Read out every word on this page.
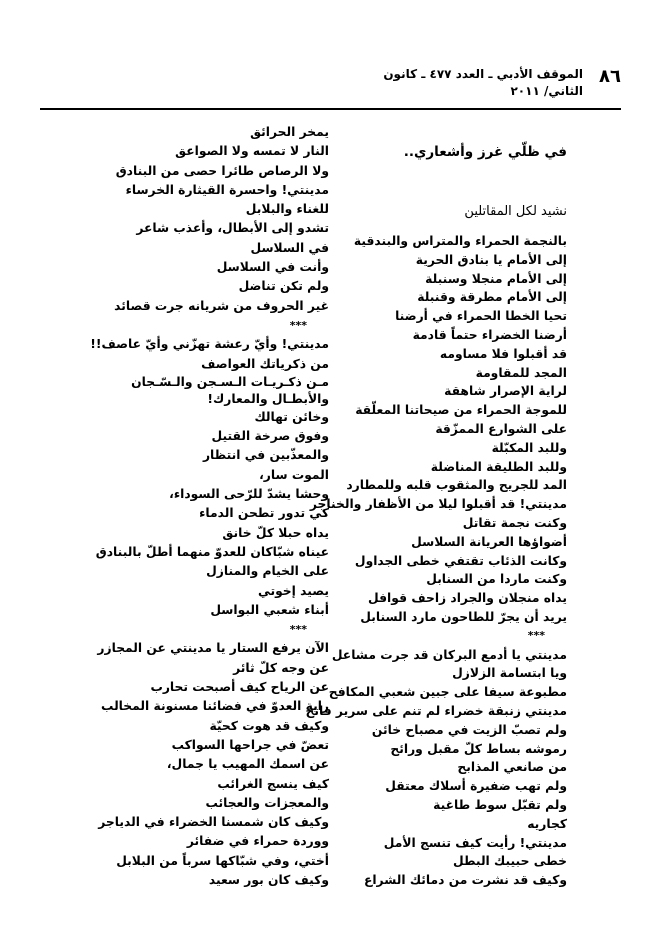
٨٦
الموقف الأدبي ـ العدد ٤٧٧ ـ كانون الثاني/ ٢٠١١
في ظلّي غرز وأشعاري..
نشيد لكل المقاتلين
بالنجمة الحمراء والمتراس والبندقية
إلى الأمام يا بنادق الحرية
إلى الأمام منجلا وسنبلة
إلى الأمام مطرقة وقنبلة
تحيا الخطا الحمراء في أرضنا
أرضنا الخضراء حتماً قادمة
قد أقبلوا فلا مساومه
المجد للمقاومة
لراية الإصرار شاهقة
للموجة الحمراء من صيحاتنا المعلّقة
على الشوارع الممزّقة
وللبد المكبّلة
وللبد الطليقة المناضلة
المد للجريح والمثقوب قلبه وللمطارد
مدينتي! قد أقبلوا ليلا من الأظفار والخناجر
وكنت نجمة تقاتل
أضواؤها العريانة السلاسل
وكانت الذئاب تقتفي خطى الجداول
وكنت ماردا من السنابل
يداه منجلان والجراد زاحف قوافل
يريد أن يجرّ للطاحون مارد السنابل
***
مدينتي يا أدمع البركان قد جرت مشاعل
ويا ابتسامة الزلازل
مطبوعة سيفا على جبين شعبي المكافح
مدينتي زنبقة خضراء لم تنم على سرير فاتح
ولم تصبّ الزيت في مصباح خائن
رموشه بساط كلّ مقبل ورائح
من صانعي المذابح
ولم تهب ضفيرة أسلاك معتقل
ولم تقبّل سوط طاغية
كجاريه
مدينتي! رأيت كيف تنسج الأمل
خطى حبيبك البطل
وكيف قد نشرت من دمائك الشراع
يمخر الحرائق
النار لا تمسه ولا الصواعق
ولا الرصاص طائرا حصى من البنادق
مدينتي! واحسرة القيثارة الخرساء
للغناء والبلابل
تشدو إلى الأبطال، وأعذب شاعر
في السلاسل
وأنت في السلاسل
ولم تكن تناضل
غير الحروف من شريانه جرت قصائد
***
مدينتي! وأيّ رعشة تهزّني وأيّ عاصف!!
من ذكرياتك العواصف
مـن ذكـريـات الـسـجن والـسّـجان والأبطـال والمعارك!
وخائن تهالك
وفوق صرخة القتيل
والمعذّبين في انتظار
الموت سار،
وحشا يشدّ للرّحى السوداء،
كي تدور تطحن الدماء
يداه حبلا كلّ خانق
عيناه شبّاكان للعدوّ منهما أطلّ بالبنادق
على الخيام والمنازل
يصيد إخوتي
أبناء شعبي البواسل
***
الآن يرفع الستار يا مدينتي عن المجازر
عن وجه كلّ ثائر
عن الرياح كيف أصبحت تحارب
راية العدوّ في فضائنا مسنونة المخالب
وكيف قد هوت كحيّة
تعضّ في جراحها السواكب
عن اسمك المهيب يا جمال،
كيف ينسج الغرائب
والمعجزات والعجائب
وكيف كان شمسنا الخضراء في الدياجر
ووردة حمراء في ضفائر
أختي، وفي شبّاكها سرباً من البلابل
وكيف كان بور سعيد
